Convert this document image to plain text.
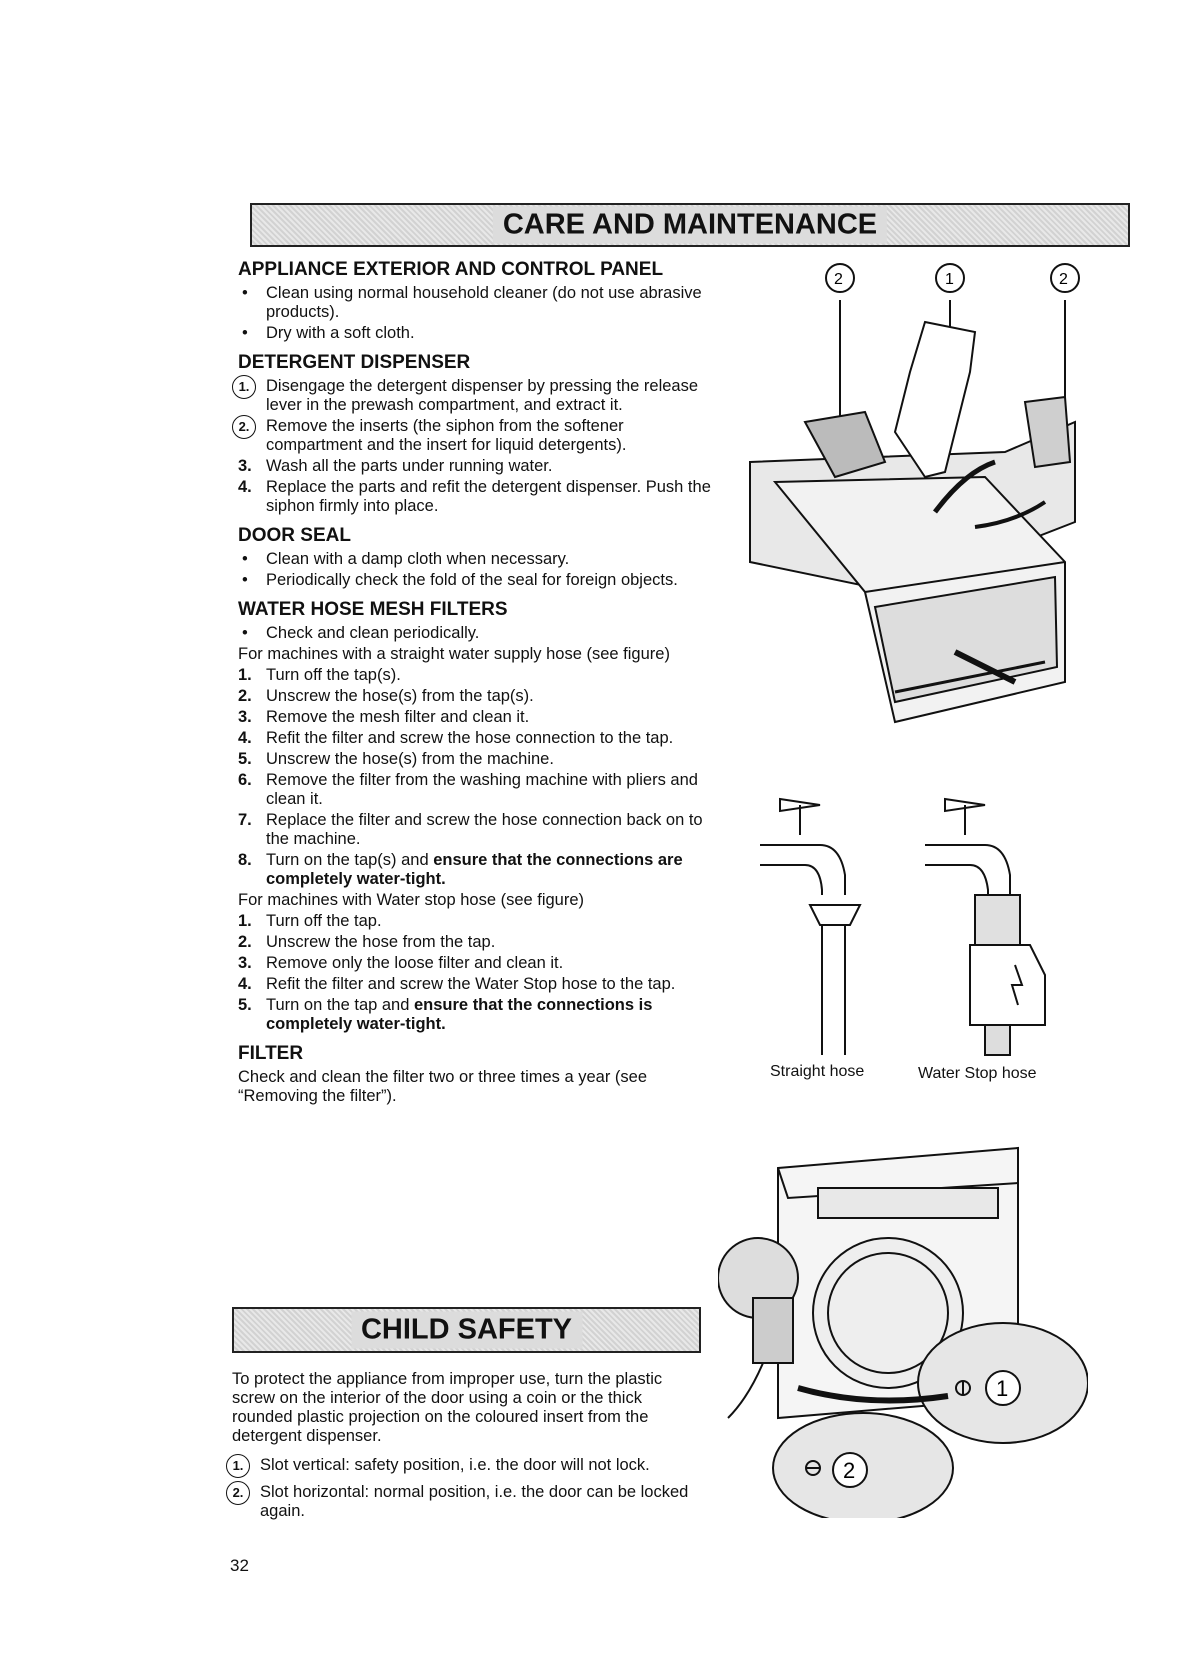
CARE AND MAINTENANCE
APPLIANCE EXTERIOR AND CONTROL PANEL
• Clean using normal household cleaner (do not use abrasive products).
• Dry with a soft cloth.
DETERGENT DISPENSER
1.	Disengage the detergent dispenser by pressing the release lever in the prewash compartment, and extract it.
2.	Remove the inserts (the siphon from the softener compartment and the insert for liquid detergents).
3. Wash all the parts under running water.
4. Replace the parts and refit the detergent dispenser. Push the siphon firmly into place.
DOOR SEAL
• Clean with a damp cloth when necessary.
• Periodically check the fold of the seal for foreign objects.
WATER HOSE MESH FILTERS
• Check and clean periodically.

For machines with a straight water supply hose (see figure)

1. Turn off the tap(s).
2. Unscrew the hose(s) from the tap(s).
3. Remove the mesh filter and clean it.
4. Refit the filter and screw the hose connection to the tap.
5. Unscrew the hose(s) from the machine.
6. Remove the filter from the washing machine with pliers and clean it.
7. Replace the filter and screw the hose connection back on to the machine.
8. Turn on the tap(s) and ensure that the connections are completely water-tight.

For machines with Water stop hose (see figure)

1. Turn off the tap.
2. Unscrew the hose from the tap.
3. Remove only the loose filter and clean it.
4. Refit the filter and screw the Water Stop hose to the tap.
5. Turn on the tap and ensure that the connections is completely water-tight.
FILTER

Check and clean the filter two or three times a year (see “Removing the filter”).

CHILD SAFETY

To protect the appliance from improper use, turn the plastic screw on the interior of the door using a coin or the thick rounded plastic projection on the coloured insert from the detergent dispenser.

1.	Slot vertical: safety position, i.e. the door will not lock.
2.	Slot horizontal: normal position, i.e. the door can be locked again.
32
2	1	2
Straight hose	Water Stop hose
1
2
